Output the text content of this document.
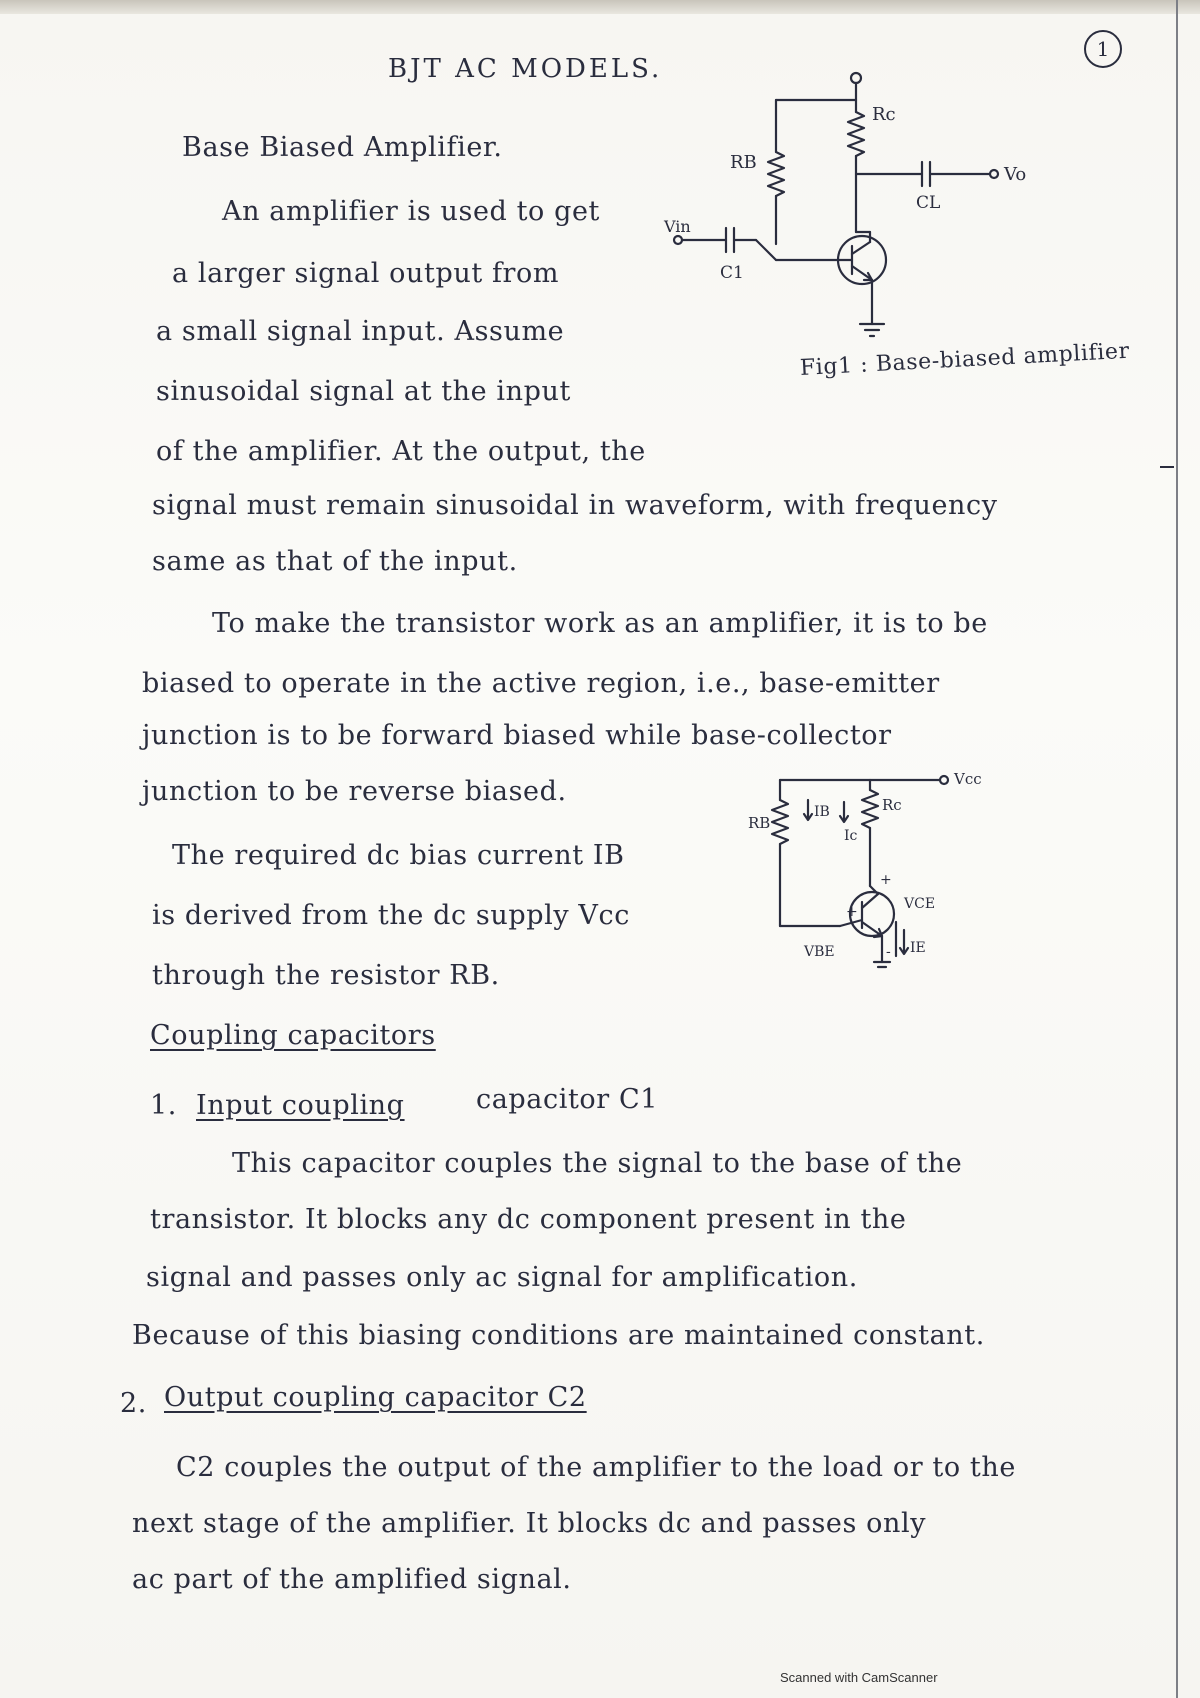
BJT AC MODELS.
1
Base Biased Amplifier.
An amplifier is used to get
a larger signal output from
a small signal input. Assume
sinusoidal signal at the input
of the amplifier. At the output, the
signal must remain sinusoidal in waveform, with frequency
same as that of the input.
RB
Rc
Vo
CL
Vin
C1
Fig1 : Base-biased amplifier
To make the transistor work as an amplifier, it is to be
biased to operate in the active region, i.e., base-emitter
junction is to be forward biased while base-collector
junction to be reverse biased.
The required dc bias current IB
is derived from the dc supply Vcc
through the resistor RB.
Vcc
RB
IB
Ic
Rc
VCE
VBE	IE
+
+
-
Coupling capacitors
1. Input coupling	capacitor C1
This capacitor couples the signal to the base of the
transistor. It blocks any dc component present in the
signal and passes only ac signal for amplification.
Because of this biasing conditions are maintained constant.
2. Output coupling capacitor C2
C2 couples the output of the amplifier to the load or to the
next stage of the amplifier. It blocks dc and passes only
ac part of the amplified signal.
Scanned with CamScanner
